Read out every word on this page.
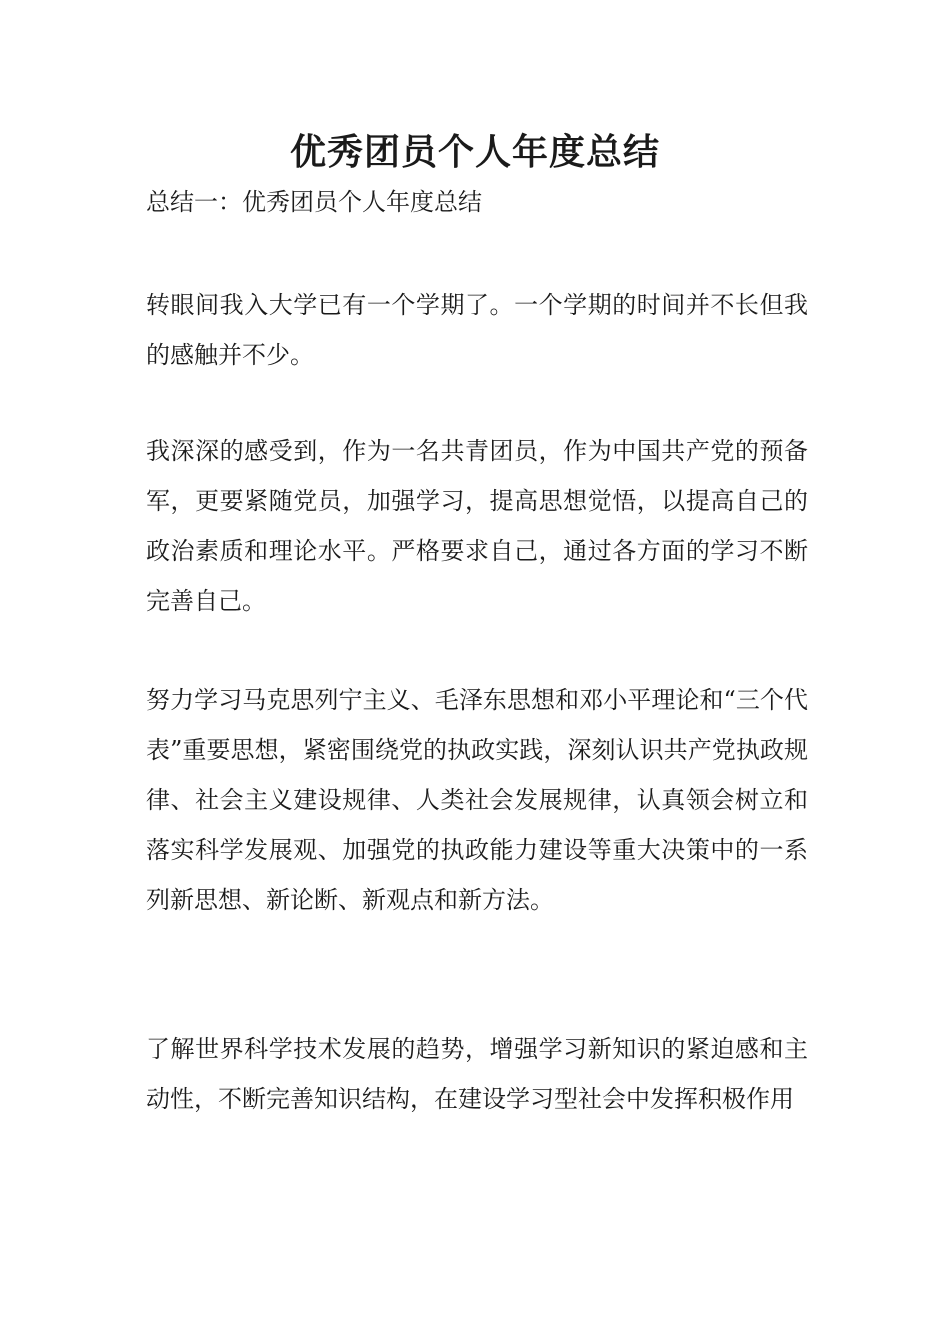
优秀团员个人年度总结

总结一：优秀团员个人年度总结

转眼间我入大学已有一个学期了。一个学期的时间并不长但我的感触并不少。

我深深的感受到，作为一名共青团员，作为中国共产党的预备军，更要紧随党员，加强学习，提高思想觉悟，以提高自己的政治素质和理论水平。严格要求自己，通过各方面的学习不断完善自己。

努力学习马克思列宁主义、毛泽东思想和邓小平理论和“三个代表”重要思想，紧密围绕党的执政实践，深刻认识共产党执政规律、社会主义建设规律、人类社会发展规律，认真领会树立和落实科学发展观、加强党的执政能力建设等重大决策中的一系列新思想、新论断、新观点和新方法。

了解世界科学技术发展的趋势，增强学习新知识的紧迫感和主动性，不断完善知识结构，在建设学习型社会中发挥积极作用
